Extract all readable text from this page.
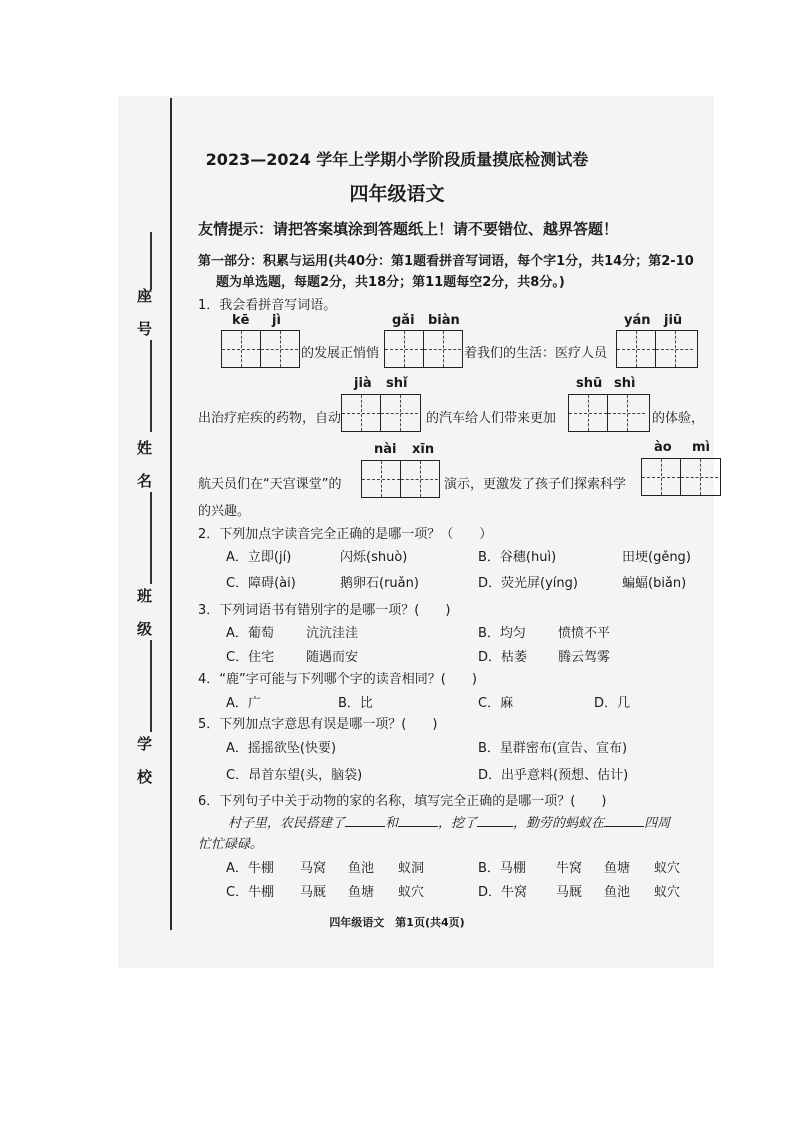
座 号
姓 名
班 级
学 校
2023—2024 学年上学期小学阶段质量摸底检测试卷
四年级语文
友情提示：请把答案填涂到答题纸上！请不要错位、越界答题！
第一部分：积累与运用(共40分：第1题看拼音写词语，每个字1分，共14分；第2-10
题为单选题，每题2分，共18分；第11题每空2分，共8分。)
1．我会看拼音写词语。
kē jì
的发展正悄悄
gǎi biàn
着我们的生活：医疗人员
yán jiū
jià shǐ
出治疗疟疾的药物，自动	的汽车给人们带来更加
shū shì
的体验，
nài xīn
航天员们在“天宫课堂”的	演示，更激发了孩子们探索科学
ào mì
的兴趣。
2．下列加点字读音完全正确的是哪一项？（　　）
A．立即(jí)	闪烁(shuò)	B．谷穗(huì)	田埂(gěng)
C．障碍(ài)	鹅卵石(ruǎn)	D．荧光屏(yíng)	蝙蝠(biǎn)
3．下列词语书有错别字的是哪一项？(　　)
A．葡萄 沆沆洼洼	B．均匀 愤愤不平
C．住宅 随遇而安	D．枯萎 腾云驾雾
4．“鹿”字可能与下列哪个字的读音相同？(　　)
A．广	B．比	C．麻	D．几
5．下列加点字意思有误是哪一项？(　　)
A．摇摇欲坠(快要)	B．星群密布(宣告、宣布)
C．昂首东望(头，脑袋)	D．出乎意料(预想、估计)
6．下列句子中关于动物的家的名称，填写完全正确的是哪一项？(　　)
村子里，农民搭建了	和	，挖了	，勤劳的蚂蚁在	四周
忙忙碌碌。
A．牛棚 马窝 鱼池 蚁洞	B．马棚 牛窝 鱼塘 蚁穴
C．牛棚 马厩 鱼塘 蚁穴	D．牛窝 马厩 鱼池 蚁穴
四年级语文　第1页(共4页)
